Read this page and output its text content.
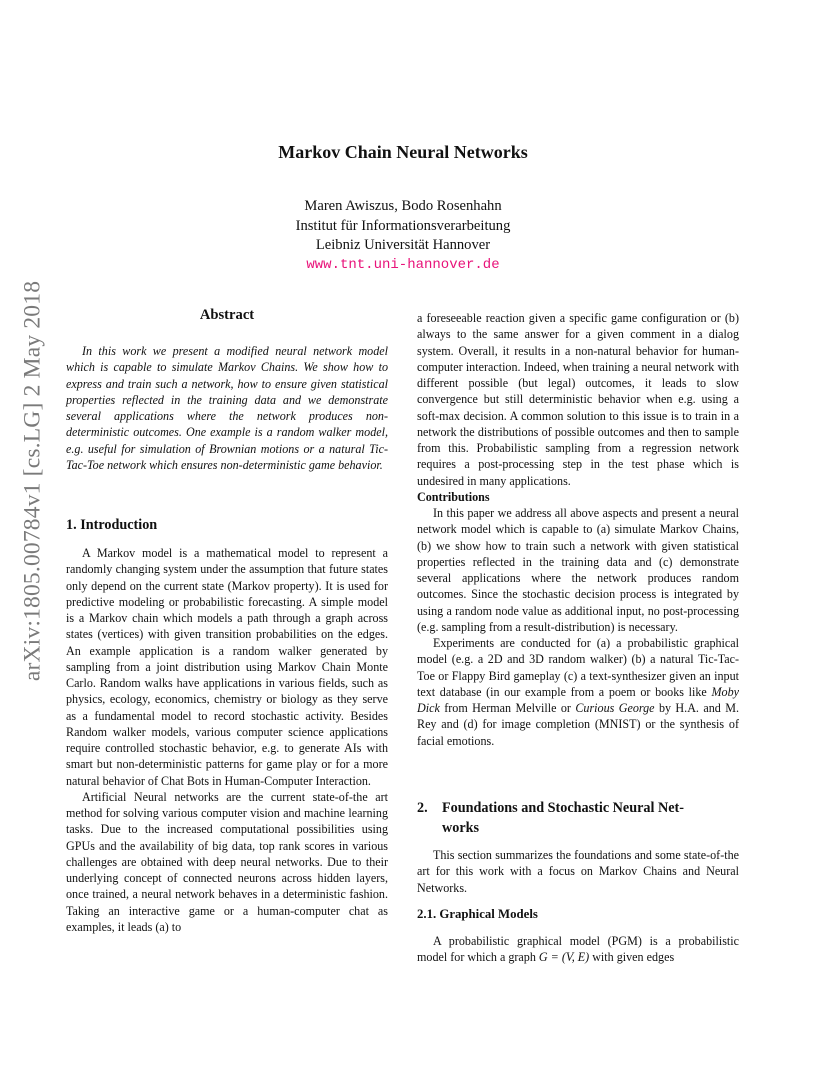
arXiv:1805.00784v1 [cs.LG] 2 May 2018
Markov Chain Neural Networks
Maren Awiszus, Bodo Rosenhahn
Institut für Informationsverarbeitung
Leibniz Universität Hannover
www.tnt.uni-hannover.de
Abstract

In this work we present a modified neural network model which is capable to simulate Markov Chains. We show how to express and train such a network, how to ensure given statistical properties reflected in the training data and we demonstrate several applications where the network produces non-deterministic outcomes. One example is a random walker model, e.g. useful for simulation of Brownian motions or a natural Tic-Tac-Toe network which ensures non-deterministic game behavior.

1. Introduction

A Markov model is a mathematical model to represent a randomly changing system under the assumption that future states only depend on the current state (Markov property). It is used for predictive modeling or probabilistic forecasting. A simple model is a Markov chain which models a path through a graph across states (vertices) with given transition probabilities on the edges. An example application is a random walker generated by sampling from a joint distribution using Markov Chain Monte Carlo. Random walks have applications in various fields, such as physics, ecology, economics, chemistry or biology as they serve as a fundamental model to record stochastic activity. Besides Random walker models, various computer science applications require controlled stochastic behavior, e.g. to generate AIs with smart but non-deterministic patterns for game play or for a more natural behavior of Chat Bots in Human-Computer Interaction.

Artificial Neural networks are the current state-of-the art method for solving various computer vision and machine learning tasks. Due to the increased computational possibilities using GPUs and the availability of big data, top rank scores in various challenges are obtained with deep neural networks. Due to their underlying concept of connected neurons across hidden layers, once trained, a neural network behaves in a deterministic fashion. Taking an interactive game or a human-computer chat as examples, it leads (a) to

a foreseeable reaction given a specific game configuration or (b) always to the same answer for a given comment in a dialog system. Overall, it results in a non-natural behavior for human-computer interaction. Indeed, when training a neural network with different possible (but legal) outcomes, it leads to slow convergence but still deterministic behavior when e.g. using a soft-max decision. A common solution to this issue is to train in a network the distributions of possible outcomes and then to sample from this. Probabilistic sampling from a regression network requires a post-processing step in the test phase which is undesired in many applications.

Contributions

In this paper we address all above aspects and present a neural network model which is capable to (a) simulate Markov Chains, (b) we show how to train such a network with given statistical properties reflected in the training data and (c) demonstrate several applications where the network produces random outcomes. Since the stochastic decision process is integrated by using a random node value as additional input, no post-processing (e.g. sampling from a result-distribution) is necessary.

Experiments are conducted for (a) a probabilistic graphical model (e.g. a 2D and 3D random walker) (b) a natural Tic-Tac-Toe or Flappy Bird gameplay (c) a text-synthesizer given an input text database (in our example from a poem or books like Moby Dick from Herman Melville or Curious George by H.A. and M. Rey and (d) for image completion (MNIST) or the synthesis of facial emotions.

2. Foundations and Stochastic Neural Net-
works

This section summarizes the foundations and some state-of-the art for this work with a focus on Markov Chains and Neural Networks.

2.1. Graphical Models

A probabilistic graphical model (PGM) is a probabilistic model for which a graph G = (V, E) with given edges
